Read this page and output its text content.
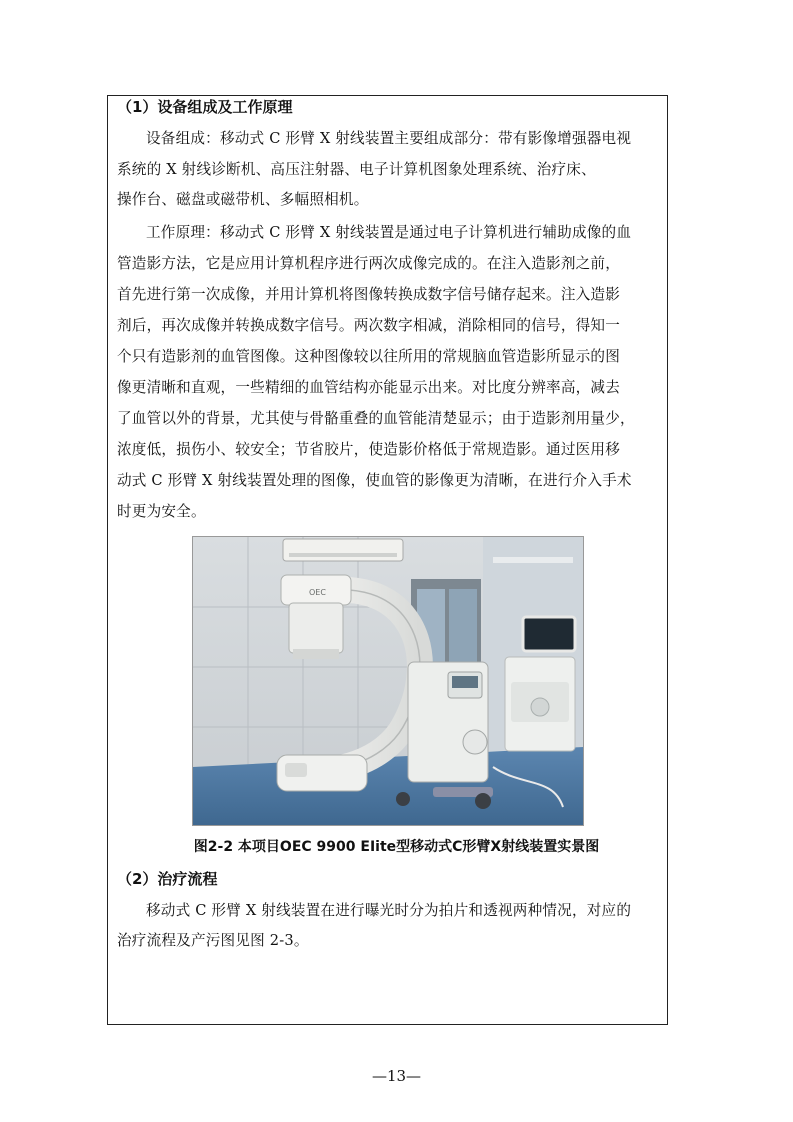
（1）设备组成及工作原理
设备组成：移动式 C 形臂 X 射线装置主要组成部分：带有影像增强器电视
系统的 X 射线诊断机、高压注射器、电子计算机图象处理系统、治疗床、
操作台、磁盘或磁带机、多幅照相机。
工作原理：移动式 C 形臂 X 射线装置是通过电子计算机进行辅助成像的血
管造影方法，它是应用计算机程序进行两次成像完成的。在注入造影剂之前，
首先进行第一次成像，并用计算机将图像转换成数字信号储存起来。注入造影
剂后，再次成像并转换成数字信号。两次数字相减，消除相同的信号，得知一
个只有造影剂的血管图像。这种图像较以往所用的常规脑血管造影所显示的图
像更清晰和直观，一些精细的血管结构亦能显示出来。对比度分辨率高，减去
了血管以外的背景，尤其使与骨骼重叠的血管能清楚显示；由于造影剂用量少，
浓度低，损伤小、较安全；节省胶片，使造影价格低于常规造影。通过医用移
动式 C 形臂 X 射线装置处理的图像，使血管的影像更为清晰，在进行介入手术
时更为安全。
OEC
图2-2 本项目OEC 9900 EIite型移动式C形臂X射线装置实景图
（2）治疗流程
移动式 C 形臂 X 射线装置在进行曝光时分为拍片和透视两种情况，对应的
治疗流程及产污图见图 2-3。
—13—
